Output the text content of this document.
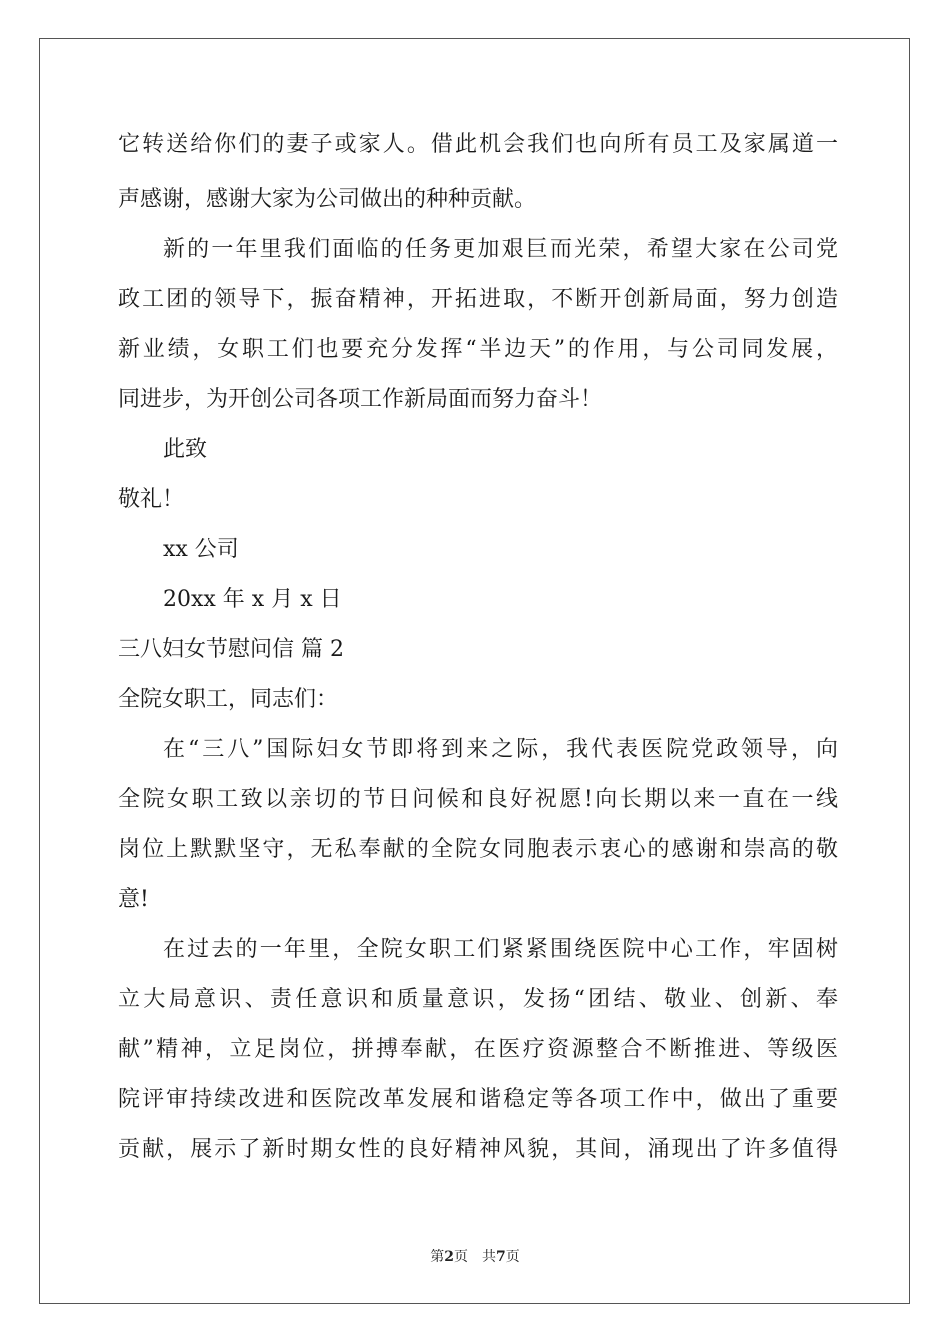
它转送给你们的妻子或家人。借此机会我们也向所有员工及家属道一
声感谢，感谢大家为公司做出的种种贡献。
新的一年里我们面临的任务更加艰巨而光荣，希望大家在公司党
政工团的领导下，振奋精神，开拓进取，不断开创新局面，努力创造
新业绩，女职工们也要充分发挥“半边天”的作用，与公司同发展，
同进步，为开创公司各项工作新局面而努力奋斗！
此致
敬礼！
xx 公司
20xx 年 x 月 x 日
三八妇女节慰问信 篇 2
全院女职工，同志们：
在“三八”国际妇女节即将到来之际，我代表医院党政领导，向
全院女职工致以亲切的节日问候和良好祝愿!向长期以来一直在一线
岗位上默默坚守，无私奉献的全院女同胞表示衷心的感谢和崇高的敬
意!
在过去的一年里，全院女职工们紧紧围绕医院中心工作，牢固树
立大局意识、责任意识和质量意识，发扬“团结、敬业、创新、奉
献”精神，立足岗位，拼搏奉献，在医疗资源整合不断推进、等级医
院评审持续改进和医院改革发展和谐稳定等各项工作中，做出了重要
贡献，展示了新时期女性的良好精神风貌，其间，涌现出了许多值得
第2页 共7页
